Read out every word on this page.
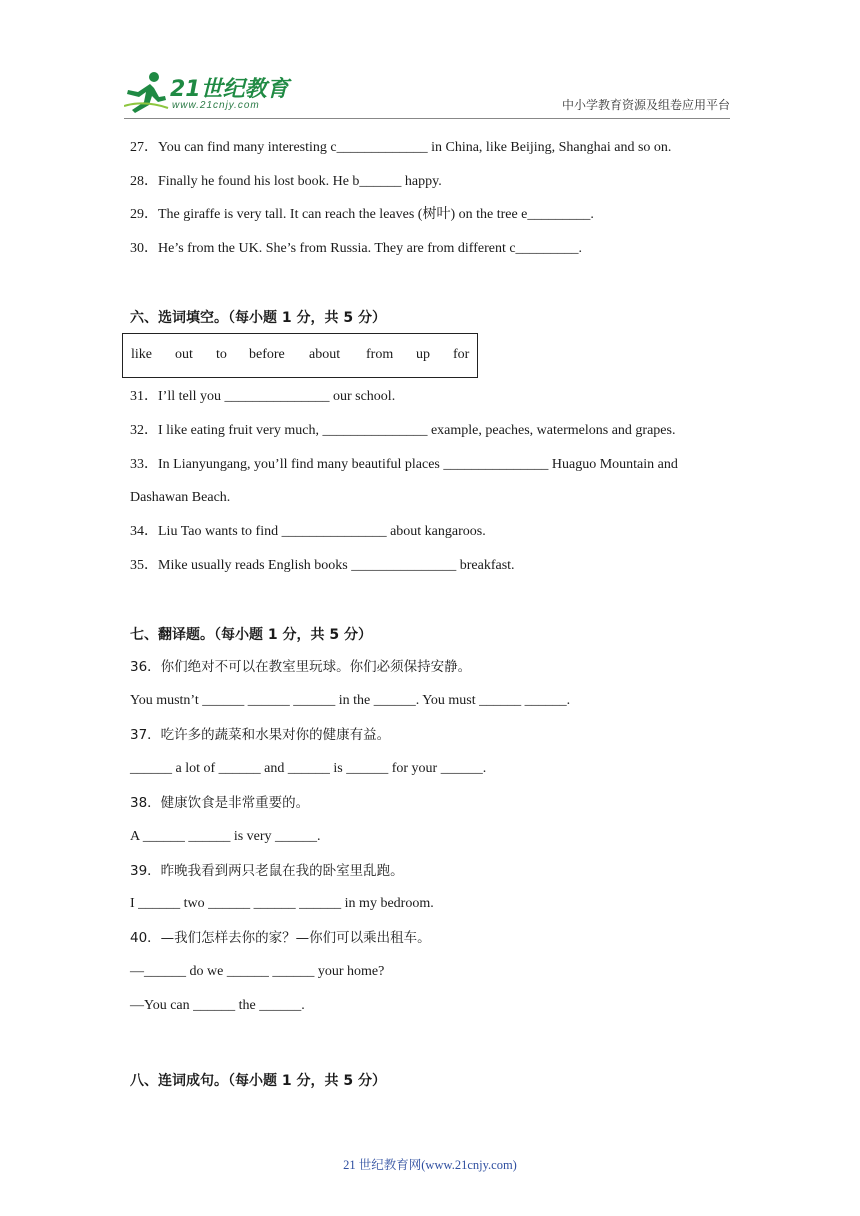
21世纪教育
www.21cnjy.com	中小学教育资源及组卷应用平台
27．You can find many interesting c_____________ in China, like Beijing, Shanghai and so on.
28．Finally he found his lost book. He b______ happy.
29．The giraffe is very tall. It can reach the leaves (树叶) on the tree e_________.
30．He’s from the UK. She’s from Russia. They are from different c_________.
六、选词填空。（每小题 1 分，共 5 分）
like out to before about from up for
31．I’ll tell you _______________ our school.
32．I like eating fruit very much, _______________ example, peaches, watermelons and grapes.
33．In Lianyungang, you’ll find many beautiful places _______________ Huaguo Mountain and
Dashawan Beach.
34．Liu Tao wants to find _______________ about kangaroos.
35．Mike usually reads English books _______________ breakfast.
七、翻译题。（每小题 1 分，共 5 分）
36．你们绝对不可以在教室里玩球。你们必须保持安静。
You mustn’t ______ ______ ______ in the ______. You must ______ ______.
37．吃许多的蔬菜和水果对你的健康有益。
______ a lot of ______ and ______ is ______ for your ______.
38．健康饮食是非常重要的。
A ______ ______ is very ______.
39．昨晚我看到两只老鼠在我的卧室里乱跑。
I ______ two ______ ______ ______ in my bedroom.
40．—我们怎样去你的家？—你们可以乘出租车。
—______ do we ______ ______ your home?
—You can ______ the ______.
八、连词成句。（每小题 1 分，共 5 分）
21 世纪教育网(www.21cnjy.com)
